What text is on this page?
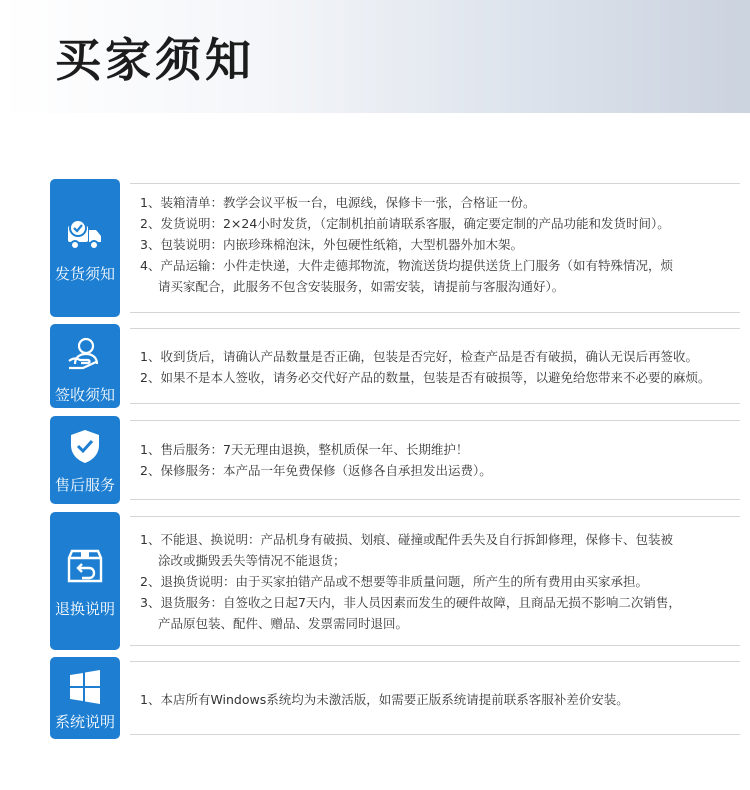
买家须知
发货须知
1、装箱清单：教学会议平板一台，电源线，保修卡一张，合格证一份。
2、发货说明：2×24小时发货，（定制机拍前请联系客服，确定要定制的产品功能和发货时间）。
3、包装说明：内嵌珍珠棉泡沫，外包硬性纸箱，大型机器外加木架。
4、产品运输：小件走快递，大件走德邦物流，物流送货均提供送货上门服务（如有特殊情况，烦
请买家配合，此服务不包含安装服务，如需安装，请提前与客服沟通好）。
签收须知
1、收到货后，请确认产品数量是否正确，包装是否完好，检查产品是否有破损，确认无误后再签收。
2、如果不是本人签收，请务必交代好产品的数量，包装是否有破损等，以避免给您带来不必要的麻烦。
售后服务
1、售后服务：7天无理由退换，整机质保一年、长期维护！
2、保修服务：本产品一年免费保修（返修各自承担发出运费）。
退换说明
1、不能退、换说明：产品机身有破损、划痕、碰撞或配件丢失及自行拆卸修理，保修卡、包装被
涂改或撕毁丢失等情况不能退货；
2、退换货说明：由于买家拍错产品或不想要等非质量问题，所产生的所有费用由买家承担。
3、退货服务：自签收之日起7天内，非人员因素而发生的硬件故障，且商品无损不影响二次销售，
产品原包装、配件、赠品、发票需同时退回。
系统说明
1、本店所有Windows系统均为未激活版，如需要正版系统请提前联系客服补差价安装。
